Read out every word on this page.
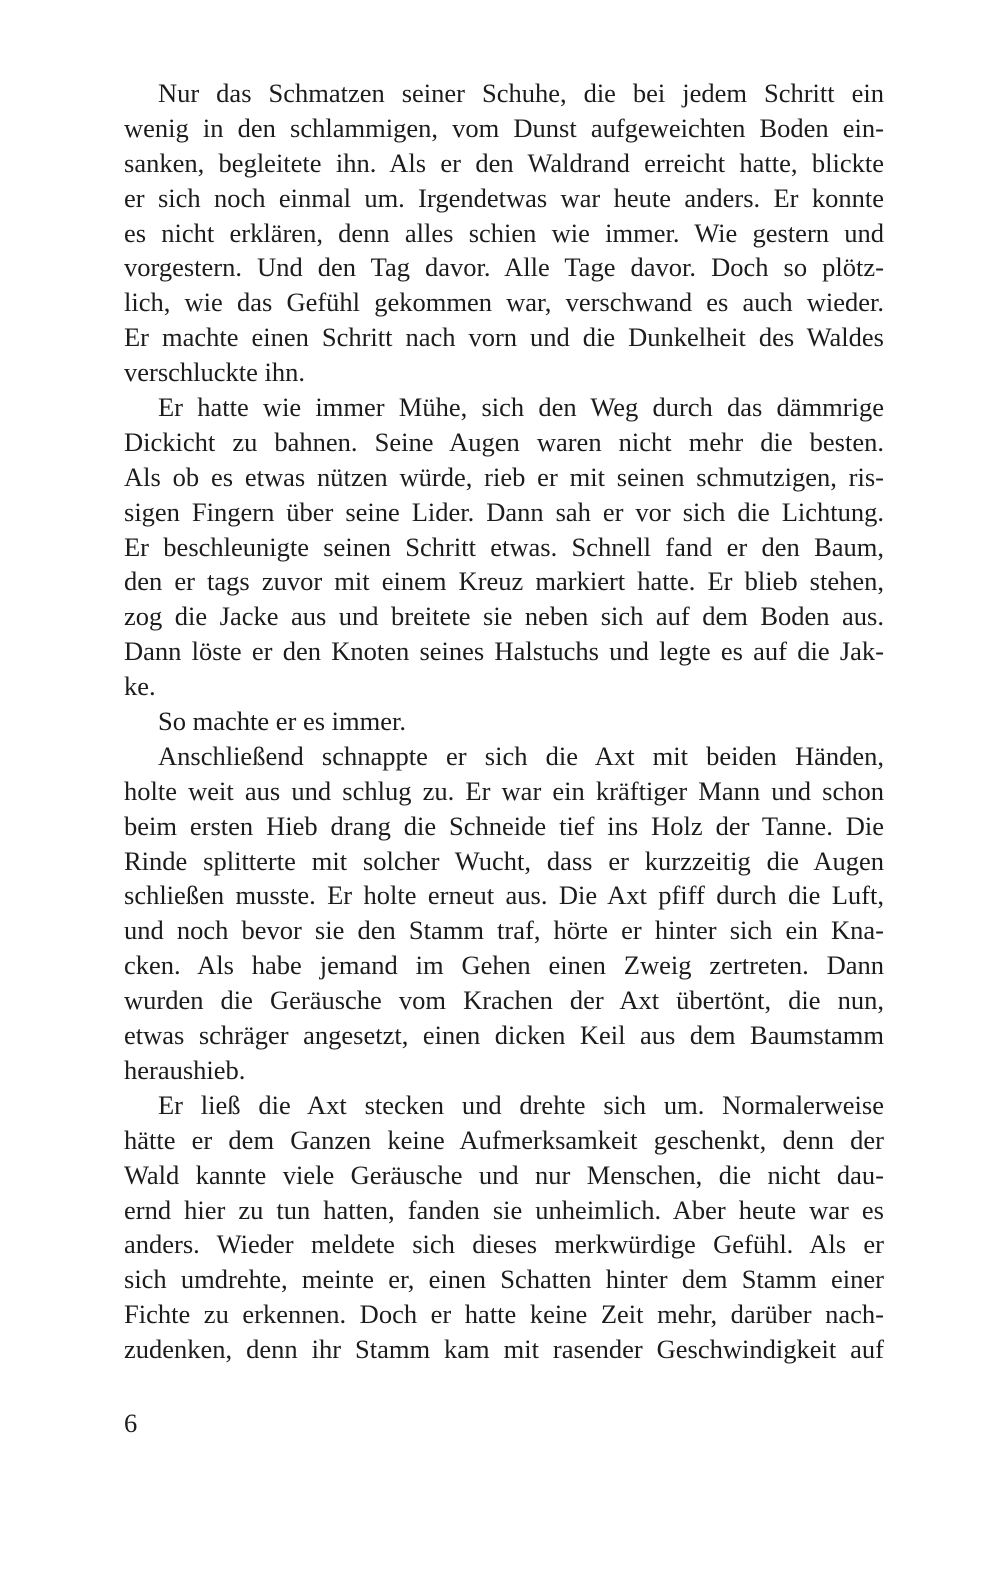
Nur das Schmatzen seiner Schuhe, die bei jedem Schritt ein
wenig in den schlammigen, vom Dunst aufgeweichten Boden ein-
sanken, begleitete ihn. Als er den Waldrand erreicht hatte, blickte
er sich noch einmal um. Irgendetwas war heute anders. Er konnte
es nicht erklären, denn alles schien wie immer. Wie gestern und
vorgestern. Und den Tag davor. Alle Tage davor. Doch so plötz-
lich, wie das Gefühl gekommen war, verschwand es auch wieder.
Er machte einen Schritt nach vorn und die Dunkelheit des Waldes
verschluckte ihn.
Er hatte wie immer Mühe, sich den Weg durch das dämmrige
Dickicht zu bahnen. Seine Augen waren nicht mehr die besten.
Als ob es etwas nützen würde, rieb er mit seinen schmutzigen, ris-
sigen Fingern über seine Lider. Dann sah er vor sich die Lichtung.
Er beschleunigte seinen Schritt etwas. Schnell fand er den Baum,
den er tags zuvor mit einem Kreuz markiert hatte. Er blieb stehen,
zog die Jacke aus und breitete sie neben sich auf dem Boden aus.
Dann löste er den Knoten seines Halstuchs und legte es auf die Jak-
ke.
So machte er es immer.
Anschließend schnappte er sich die Axt mit beiden Händen,
holte weit aus und schlug zu. Er war ein kräftiger Mann und schon
beim ersten Hieb drang die Schneide tief ins Holz der Tanne. Die
Rinde splitterte mit solcher Wucht, dass er kurzzeitig die Augen
schließen musste. Er holte erneut aus. Die Axt pfiff durch die Luft,
und noch bevor sie den Stamm traf, hörte er hinter sich ein Kna-
cken. Als habe jemand im Gehen einen Zweig zertreten. Dann
wurden die Geräusche vom Krachen der Axt übertönt, die nun,
etwas schräger angesetzt, einen dicken Keil aus dem Baumstamm
heraushieb.
Er ließ die Axt stecken und drehte sich um. Normalerweise
hätte er dem Ganzen keine Aufmerksamkeit geschenkt, denn der
Wald kannte viele Geräusche und nur Menschen, die nicht dau-
ernd hier zu tun hatten, fanden sie unheimlich. Aber heute war es
anders. Wieder meldete sich dieses merkwürdige Gefühl. Als er
sich umdrehte, meinte er, einen Schatten hinter dem Stamm einer
Fichte zu erkennen. Doch er hatte keine Zeit mehr, darüber nach-
zudenken, denn ihr Stamm kam mit rasender Geschwindigkeit auf
6
